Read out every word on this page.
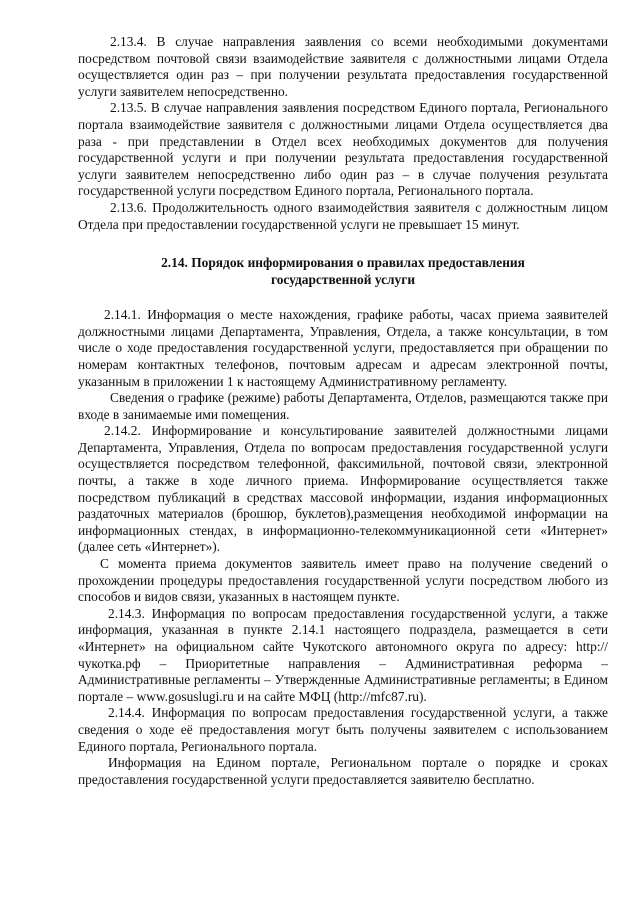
2.13.4. В случае направления заявления со всеми необходимыми документами посредством почтовой связи взаимодействие заявителя с должностными лицами Отдела осуществляется один раз – при получении результата предоставления государственной услуги заявителем непосредственно.

2.13.5. В случае направления заявления посредством Единого портала, Регионального портала взаимодействие заявителя с должностными лицами Отдела осуществляется два раза - при представлении в Отдел всех необходимых документов для получения государственной услуги и при получении результата предоставления государственной услуги заявителем непосредственно либо один раз – в случае получения результата государственной услуги посредством Единого портала, Регионального портала.

2.13.6. Продолжительность одного взаимодействия заявителя с должностным лицом Отдела при предоставлении государственной услуги не превышает 15 минут.

2.14. Порядок информирования о правилах предоставления
государственной услуги

2.14.1. Информация о месте нахождения, графике работы, часах приема заявителей должностными лицами Департамента, Управления, Отдела, а также консультации, в том числе о ходе предоставления государственной услуги, предоставляется при обращении по номерам контактных телефонов, почтовым адресам и адресам электронной почты, указанным в приложении 1 к настоящему Административному регламенту.

Сведения о графике (режиме) работы Департамента, Отделов, размещаются также при входе в занимаемые ими помещения.

2.14.2. Информирование и консультирование заявителей должностными лицами Департамента, Управления, Отдела по вопросам предоставления государственной услуги осуществляется посредством телефонной, факсимильной, почтовой связи, электронной почты, а также в ходе личного приема. Информирование осуществляется также посредством публикаций в средствах массовой информации, издания информационных раздаточных материалов (брошюр, буклетов),размещения необходимой информации на информационных стендах, в информационно-телекоммуникационной сети «Интернет» (далее сеть «Интернет»).

С момента приема документов заявитель имеет право на получение сведений о прохождении процедуры предоставления государственной услуги посредством любого из способов и видов связи, указанных в настоящем пункте.

2.14.3. Информация по вопросам предоставления государственной услуги, а также информация, указанная в пункте 2.14.1 настоящего подраздела, размещается в сети «Интернет» на официальном сайте Чукотского автономного округа по адресу: http://чукотка.рф – Приоритетные направления – Административная реформа – Административные регламенты – Утвержденные Административные регламенты; в Едином портале – www.gosuslugi.ru и на сайте МФЦ (http://mfc87.ru).

2.14.4. Информация по вопросам предоставления государственной услуги, а также сведения о ходе её предоставления могут быть получены заявителем с использованием Единого портала, Регионального портала.

Информация на Едином портале, Региональном портале о порядке и сроках предоставления государственной услуги предоставляется заявителю бесплатно.
